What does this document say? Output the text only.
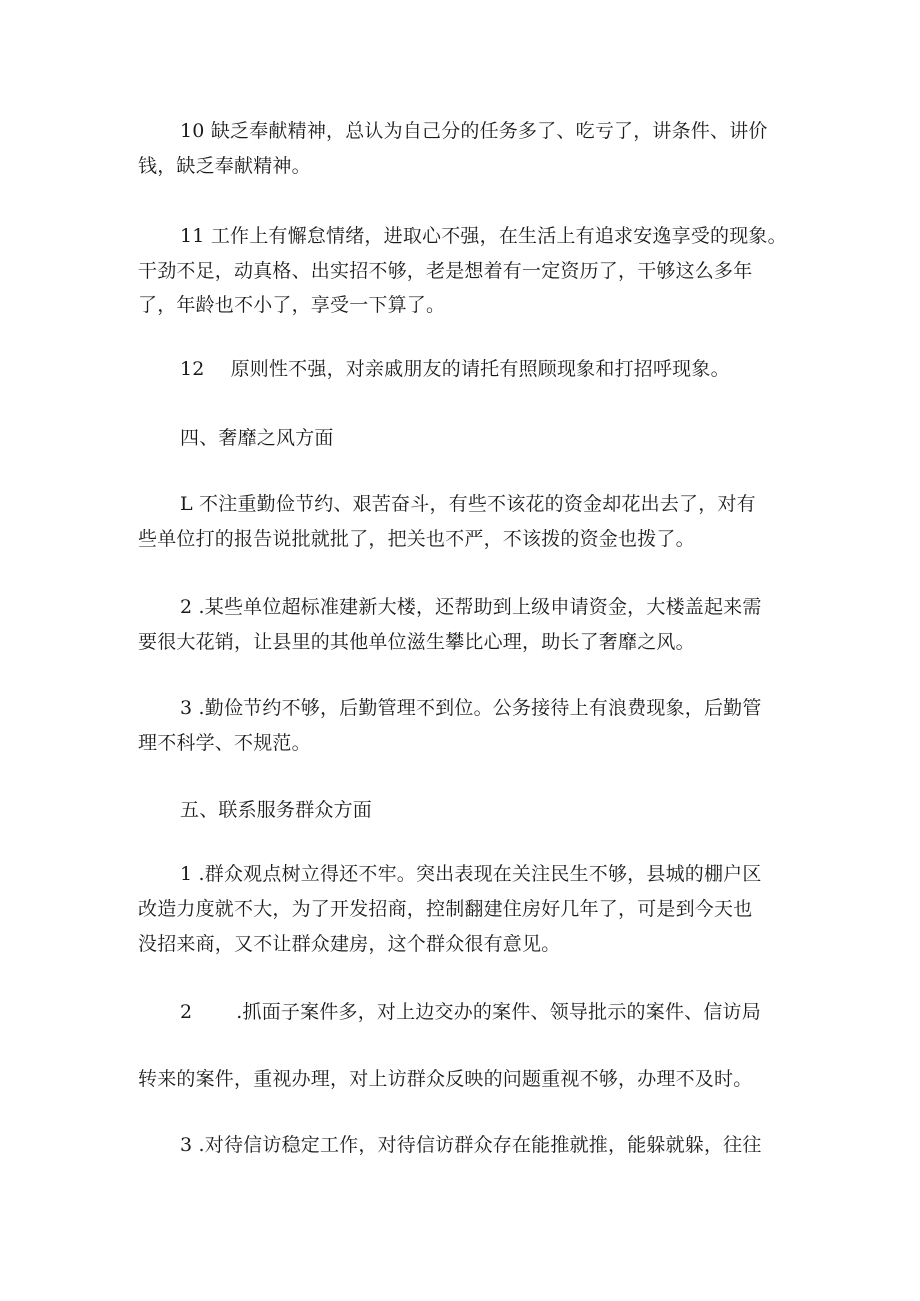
10 缺乏奉献精神，总认为自己分的任务多了、吃亏了，讲条件、讲价
钱，缺乏奉献精神。
11 工作上有懈怠情绪，进取心不强，在生活上有追求安逸享受的现象。
干劲不足，动真格、出实招不够，老是想着有一定资历了，干够这么多年
了，年龄也不小了，享受一下算了。
12 原则性不强，对亲戚朋友的请托有照顾现象和打招呼现象。
四、奢靡之风方面
L 不注重勤俭节约、艰苦奋斗，有些不该花的资金却花出去了，对有
些单位打的报告说批就批了，把关也不严，不该拨的资金也拨了。
2 .某些单位超标准建新大楼，还帮助到上级申请资金，大楼盖起来需
要很大花销，让县里的其他单位滋生攀比心理，助长了奢靡之风。
3 .勤俭节约不够，后勤管理不到位。公务接待上有浪费现象，后勤管
理不科学、不规范。
五、联系服务群众方面
1 .群众观点树立得还不牢。突出表现在关注民生不够，县城的棚户区
改造力度就不大，为了开发招商，控制翻建住房好几年了，可是到今天也
没招来商，又不让群众建房，这个群众很有意见。
2 .抓面子案件多，对上边交办的案件、领导批示的案件、信访局
转来的案件，重视办理，对上访群众反映的问题重视不够，办理不及时。
3 .对待信访稳定工作，对待信访群众存在能推就推，能躲就躲，往往
